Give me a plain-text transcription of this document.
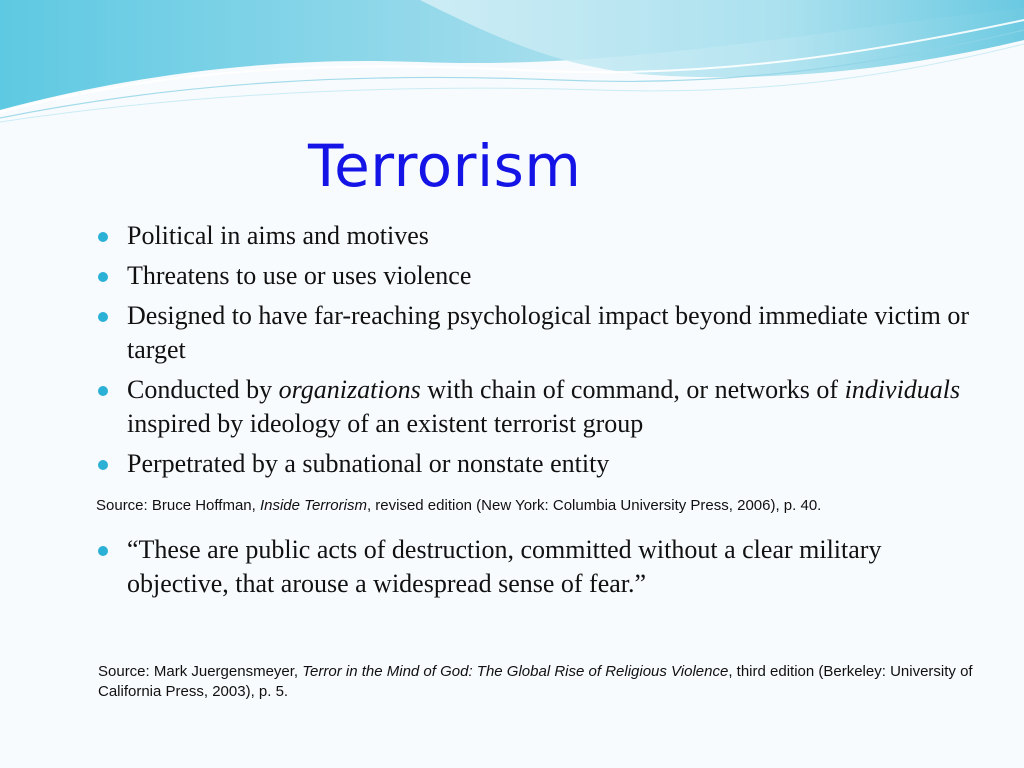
Terrorism
Political in aims and motives
Threatens to use or uses violence
Designed to have far-reaching psychological impact beyond immediate victim or target
Conducted by organizations with chain of command, or networks of individuals inspired by ideology of an existent terrorist group
Perpetrated by a subnational or nonstate entity

Source: Bruce Hoffman, Inside Terrorism, revised edition (New York: Columbia University Press, 2006), p. 40.

“These are public acts of destruction, committed without a clear military objective, that arouse a widespread sense of fear.”

Source: Mark Juergensmeyer, Terror in the Mind of God: The Global Rise of Religious Violence, third edition (Berkeley: University of California Press, 2003), p. 5.
